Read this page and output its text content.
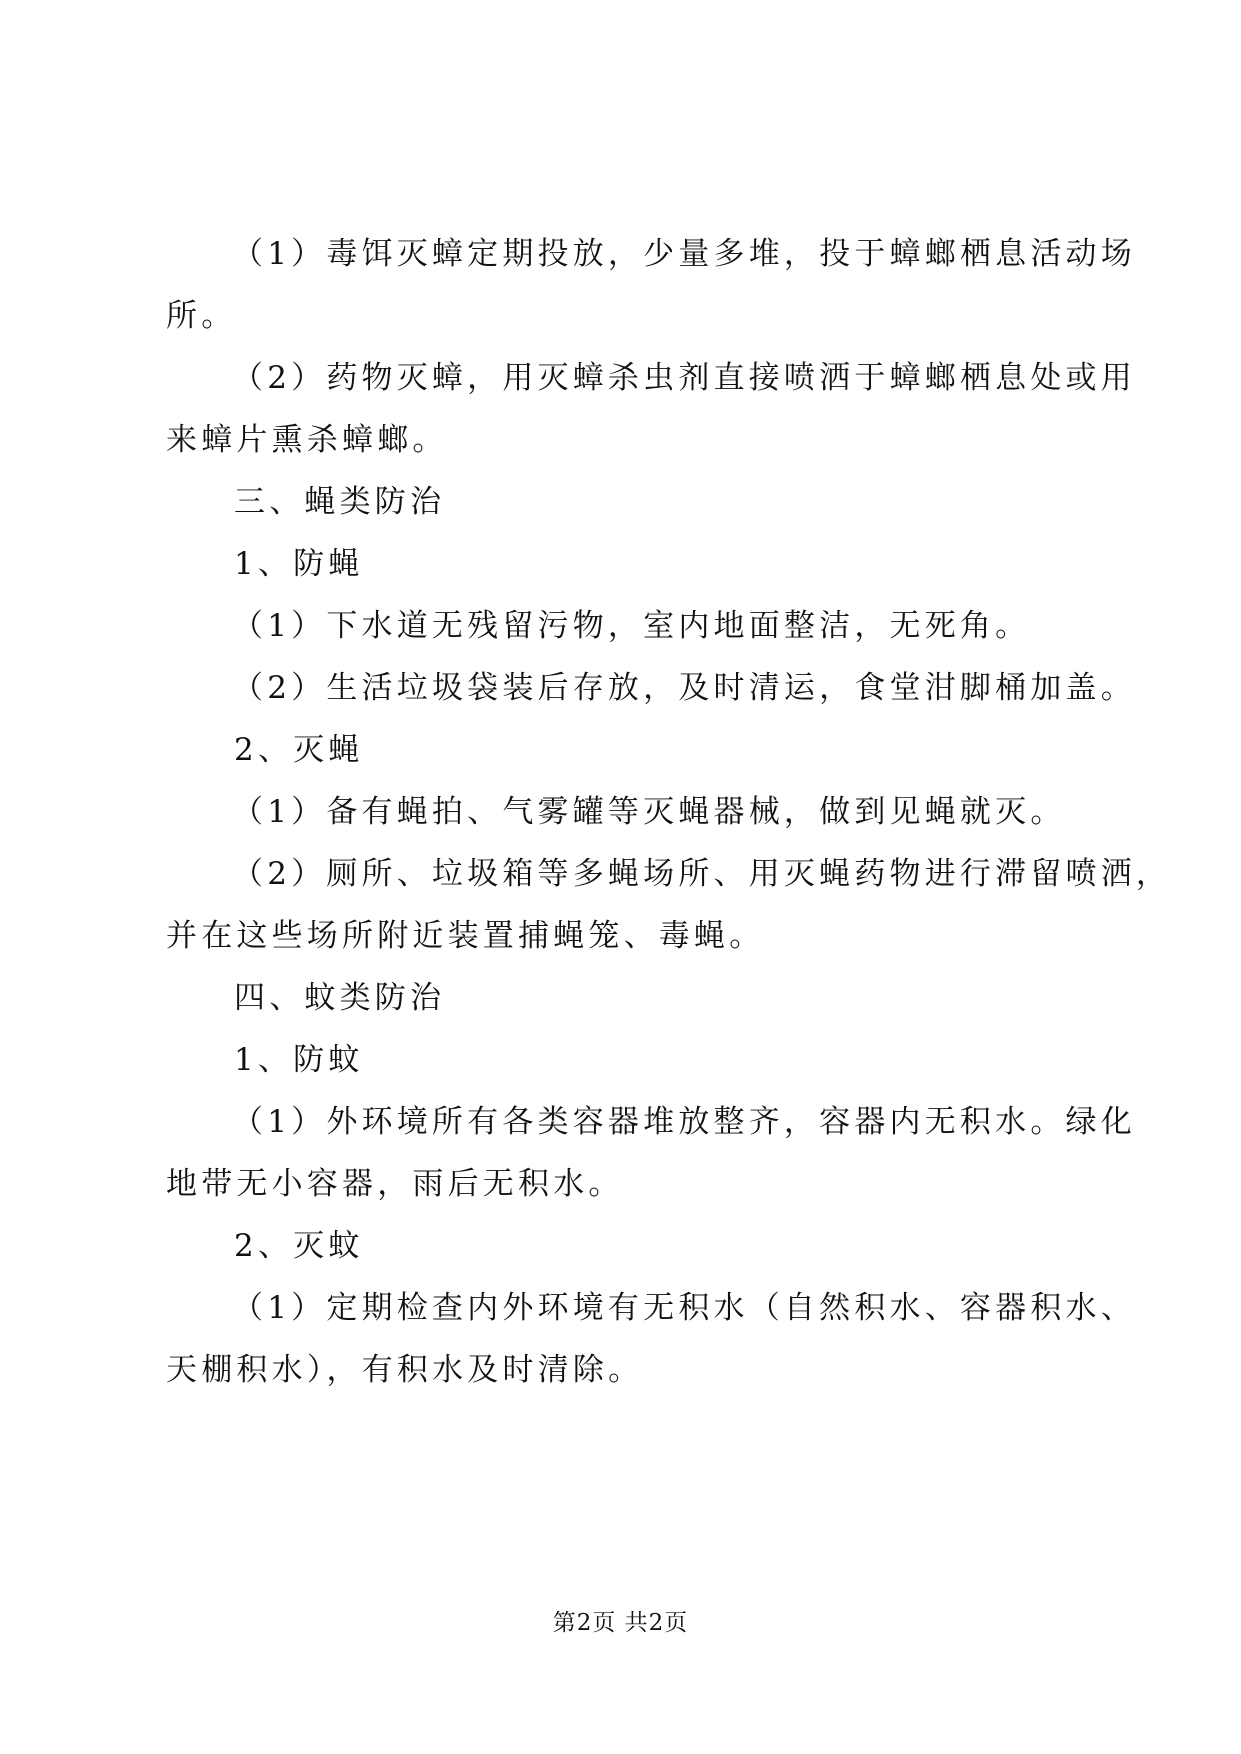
（1）毒饵灭蟑定期投放，少量多堆，投于蟑螂栖息活动场
所。
（2）药物灭蟑，用灭蟑杀虫剂直接喷洒于蟑螂栖息处或用
来蟑片熏杀蟑螂。
三、蝇类防治
1、防蝇
（1）下水道无残留污物，室内地面整洁，无死角。
（2）生活垃圾袋装后存放，及时清运，食堂泔脚桶加盖。
2、灭蝇
（1）备有蝇拍、气雾罐等灭蝇器械，做到见蝇就灭。
（2）厕所、垃圾箱等多蝇场所、用灭蝇药物进行滞留喷洒，
并在这些场所附近装置捕蝇笼、毒蝇。
四、蚊类防治
1、防蚊
（1）外环境所有各类容器堆放整齐，容器内无积水。绿化
地带无小容器，雨后无积水。
2、灭蚊
（1）定期检查内外环境有无积水（自然积水、容器积水、
天棚积水），有积水及时清除。
第2页 共2页
